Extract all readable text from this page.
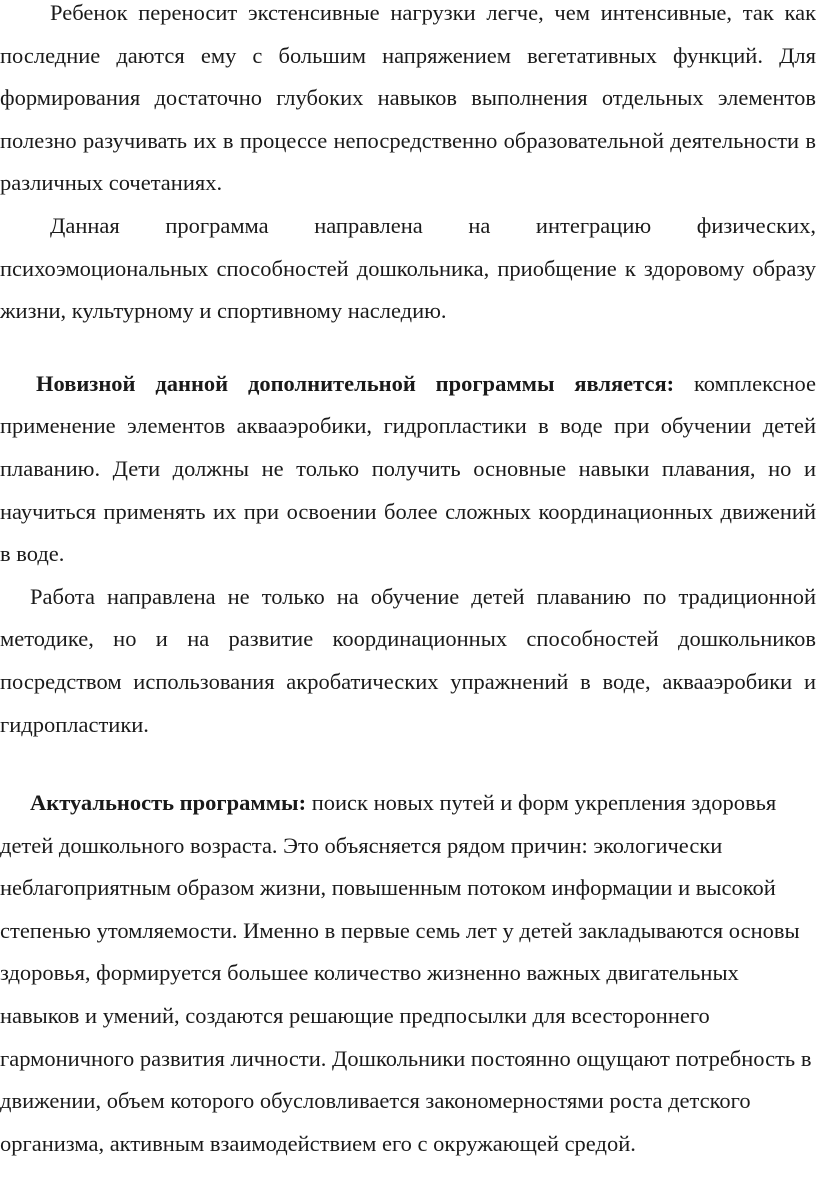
Ребенок переносит экстенсивные нагрузки легче, чем интенсивные, так как последние даются ему с большим напряжением вегетативных функций. Для формирования достаточно глубоких навыков выполнения отдельных элементов полезно разучивать их в процессе непосредственно образовательной деятельности в различных сочетаниях.

Данная программа направлена на интеграцию физических, психоэмоциональных способностей дошкольника, приобщение к здоровому образу жизни, культурному и спортивному наследию.

Новизной данной дополнительной программы является: комплексное применение элементов аквааэробики, гидропластики в воде при обучении детей плаванию. Дети должны не только получить основные навыки плавания, но и научиться применять их при освоении более сложных координационных движений в воде.

Работа направлена не только на обучение детей плаванию по традиционной методике, но и на развитие координационных способностей дошкольников посредством использования акробатических упражнений в воде, аквааэробики и гидропластики.

Актуальность программы: поиск новых путей и форм укрепления здоровья детей дошкольного возраста. Это объясняется рядом причин: экологически неблагоприятным образом жизни, повышенным потоком информации и высокой степенью утомляемости. Именно в первые семь лет у детей закладываются основы здоровья, формируется большее количество жизненно важных двигательных навыков и умений, создаются решающие предпосылки для всестороннего гармоничного развития личности. Дошкольники постоянно ощущают потребность в движении, объем которого обусловливается закономерностями роста детского организма, активным взаимодействием его с окружающей средой.
